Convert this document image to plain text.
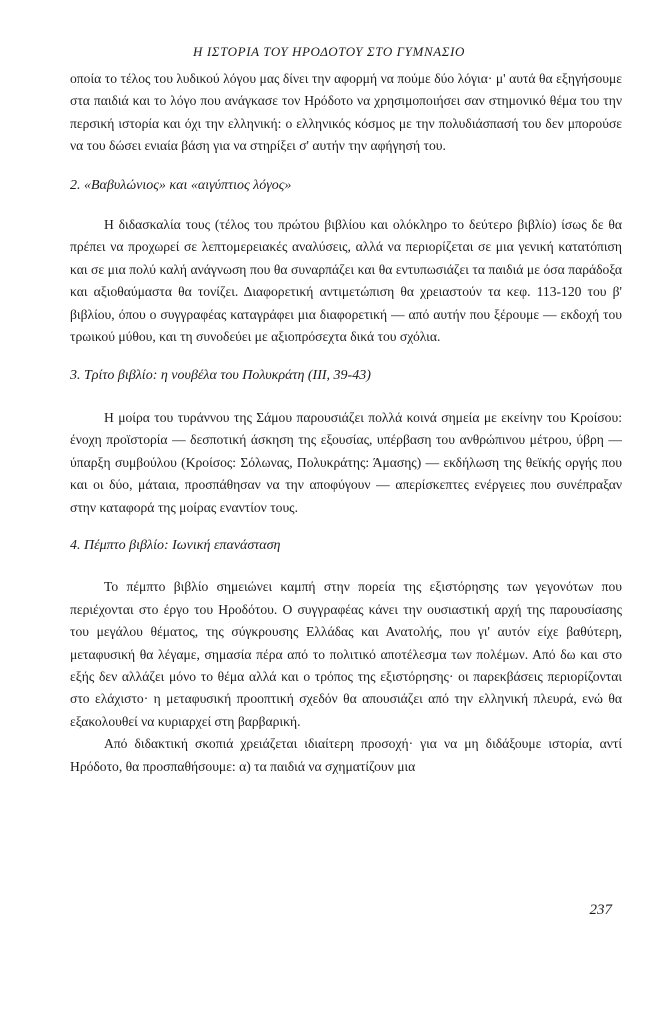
Η ΙΣΤΟΡΙΑ ΤΟΥ ΗΡΟΔΟΤΟΥ ΣΤΟ ΓΥΜΝΑΣΙΟ

οποία το τέλος του λυδικού λόγου μας δίνει την αφορμή να πούμε δύο λόγια· μ' αυτά θα εξηγήσουμε στα παιδιά και το λόγο που ανάγκασε τον Ηρόδοτο να χρησιμοποιήσει σαν στημονικό θέμα του την περσική ιστορία και όχι την ελληνική: ο ελληνικός κόσμος με την πολυδιάσπασή του δεν μπορούσε να του δώσει ενιαία βάση για να στηρίξει σ' αυτήν την αφήγησή του.

2. «Βαβυλώνιος» και «αιγύπτιος λόγος»

Η διδασκαλία τους (τέλος του πρώτου βιβλίου και ολόκληρο το δεύτερο βιβλίο) ίσως δε θα πρέπει να προχωρεί σε λεπτομερειακές αναλύσεις, αλλά να περιορίζεται σε μια γενική κατατόπιση και σε μια πολύ καλή ανάγνωση που θα συναρπάζει και θα εντυπωσιάζει τα παιδιά με όσα παράδοξα και αξιοθαύμαστα θα τονίζει. Διαφορετική αντιμετώπιση θα χρειαστούν τα κεφ. 113-120 του β' βιβλίου, όπου ο συγγραφέας καταγράφει μια διαφορετική — από αυτήν που ξέρουμε — εκδοχή του τρωικού μύθου, και τη συνοδεύει με αξιοπρόσεχτα δικά του σχόλια.

3. Τρίτο βιβλίο: η νουβέλα του Πολυκράτη (ΙΙΙ, 39-43)

Η μοίρα του τυράννου της Σάμου παρουσιάζει πολλά κοινά σημεία με εκείνην του Κροίσου: ένοχη προϊστορία — δεσποτική άσκηση της εξουσίας, υπέρβαση του ανθρώπινου μέτρου, ύβρη — ύπαρξη συμβούλου (Κροίσος: Σόλωνας, Πολυκράτης: Άμασης) — εκδήλωση της θεϊκής οργής που και οι δύο, μάταια, προσπάθησαν να την αποφύγουν — απερίσκεπτες ενέργειες που συνέπραξαν στην καταφορά της μοίρας εναντίον τους.

4. Πέμπτο βιβλίο: Ιωνική επανάσταση

Το πέμπτο βιβλίο σημειώνει καμπή στην πορεία της εξιστόρησης των γεγονότων που περιέχονται στο έργο του Ηροδότου. Ο συγγραφέας κάνει την ουσιαστική αρχή της παρουσίασης του μεγάλου θέματος, της σύγκρουσης Ελλάδας και Ανατολής, που γι' αυτόν είχε βαθύτερη, μεταφυσική θα λέγαμε, σημασία πέρα από το πολιτικό αποτέλεσμα των πολέμων. Από δω και στο εξής δεν αλλάζει μόνο το θέμα αλλά και ο τρόπος της εξιστόρησης· οι παρεκβάσεις περιορίζονται στο ελάχιστο· η μεταφυσική προοπτική σχεδόν θα απουσιάζει από την ελληνική πλευρά, ενώ θα εξακολουθεί να κυριαρχεί στη βαρβαρική.

Από διδακτική σκοπιά χρειάζεται ιδιαίτερη προσοχή· για να μη διδάξουμε ιστορία, αντί Ηρόδοτο, θα προσπαθήσουμε: α) τα παιδιά να σχηματίζουν μια

237
